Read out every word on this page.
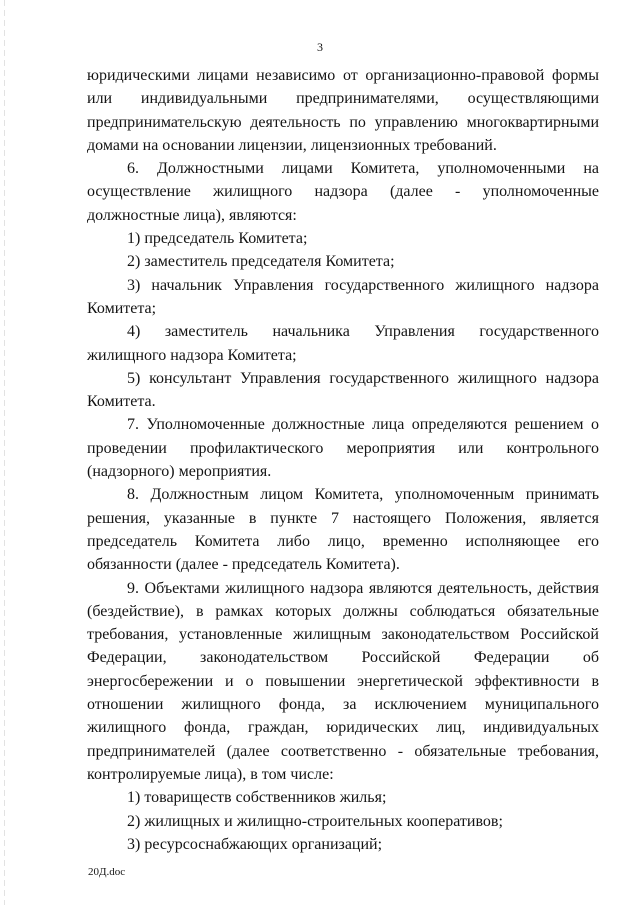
3
юридическими лицами независимо от организационно-правовой формы
или индивидуальными предпринимателями, осуществляющими
предпринимательскую деятельность по управлению многоквартирными
домами на основании лицензии, лицензионных требований.
6. Должностными лицами Комитета, уполномоченными на
осуществление жилищного надзора (далее - уполномоченные
должностные лица), являются:
1) председатель Комитета;
2) заместитель председателя Комитета;
3) начальник Управления государственного жилищного надзора
Комитета;
4) заместитель начальника Управления государственного
жилищного надзора Комитета;
5) консультант Управления государственного жилищного надзора
Комитета.
7. Уполномоченные должностные лица определяются решением о
проведении профилактического мероприятия или контрольного
(надзорного) мероприятия.
8. Должностным лицом Комитета, уполномоченным принимать
решения, указанные в пункте 7 настоящего Положения, является
председатель Комитета либо лицо, временно исполняющее его
обязанности (далее - председатель Комитета).
9. Объектами жилищного надзора являются деятельность, действия
(бездействие), в рамках которых должны соблюдаться обязательные
требования, установленные жилищным законодательством Российской
Федерации, законодательством Российской Федерации об
энергосбережении и о повышении энергетической эффективности в
отношении жилищного фонда, за исключением муниципального
жилищного фонда, граждан, юридических лиц, индивидуальных
предпринимателей (далее соответственно - обязательные требования,
контролируемые лица), в том числе:
1) товариществ собственников жилья;
2) жилищных и жилищно-строительных кооперативов;
3) ресурсоснабжающих организаций;
20Д.doc
